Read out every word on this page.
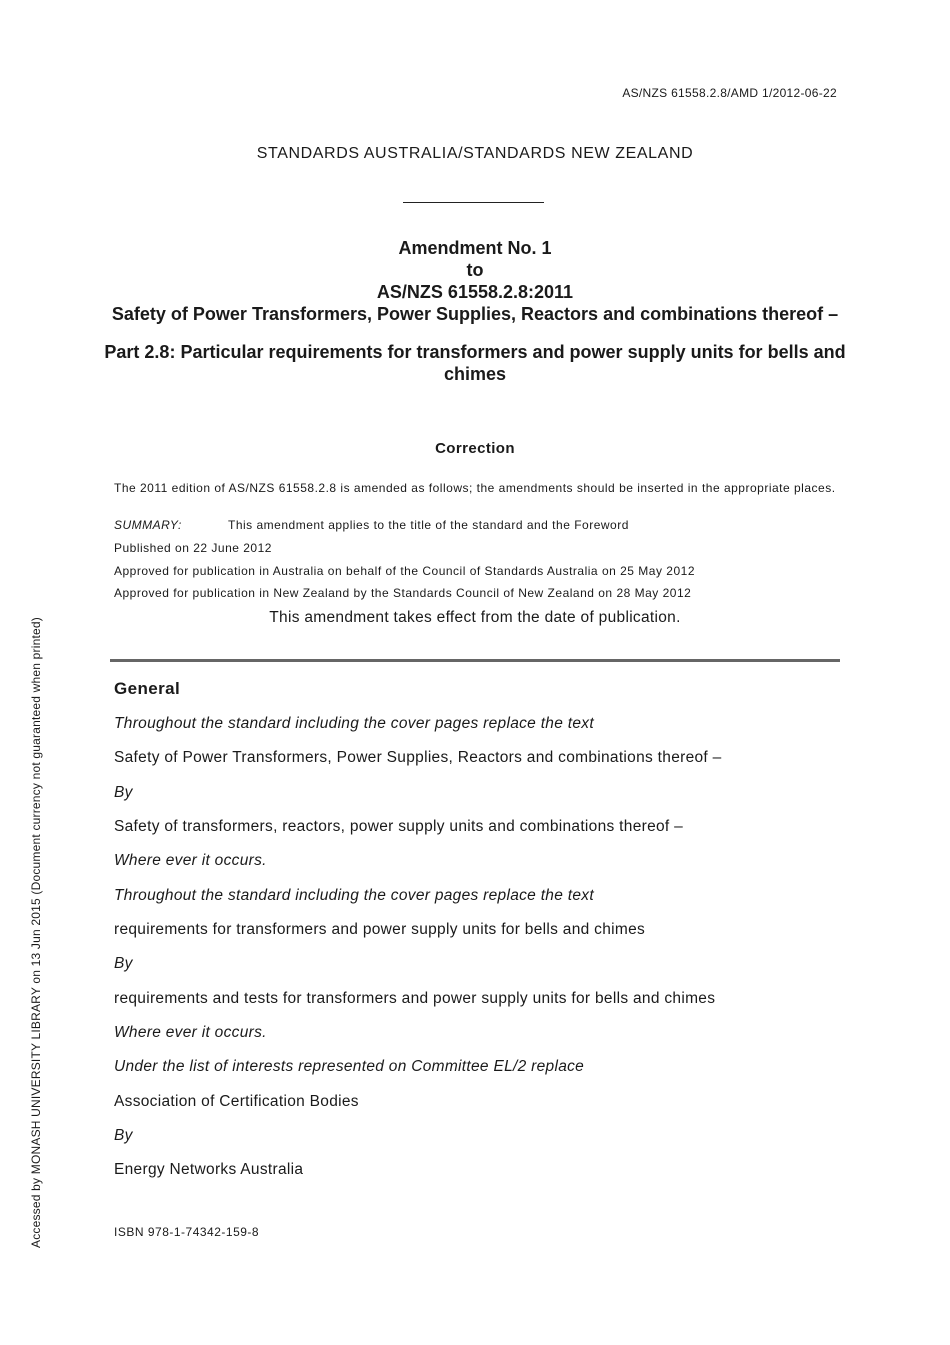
AS/NZS 61558.2.8/AMD 1/2012-06-22
STANDARDS AUSTRALIA/STANDARDS NEW ZEALAND
Amendment No. 1
to
AS/NZS 61558.2.8:2011
Safety of Power Transformers, Power Supplies, Reactors and combinations thereof –
Part 2.8: Particular requirements for transformers and power supply units for bells and chimes
Correction
The 2011 edition of AS/NZS 61558.2.8 is amended as follows; the amendments should be inserted in the appropriate places.
SUMMARY:	This amendment applies to the title of the standard and the Foreword
Published on 22 June 2012
Approved for publication in Australia on behalf of the Council of Standards Australia on 25 May 2012
Approved for publication in New Zealand by the Standards Council of New Zealand on 28 May 2012
This amendment takes effect from the date of publication.
General
Throughout the standard including the cover pages replace the text
Safety of Power Transformers, Power Supplies, Reactors and combinations thereof –
By
Safety of transformers, reactors, power supply units and combinations thereof –
Where ever it occurs.
Throughout the standard including the cover pages replace the text
requirements for transformers and power supply units for bells and chimes
By
requirements and tests for transformers and power supply units for bells and chimes
Where ever it occurs.
Under the list of interests represented on Committee EL/2 replace
Association of Certification Bodies
By
Energy Networks Australia
ISBN 978-1-74342-159-8
Accessed by MONASH UNIVERSITY LIBRARY on 13 Jun 2015 (Document currency not guaranteed when printed)
